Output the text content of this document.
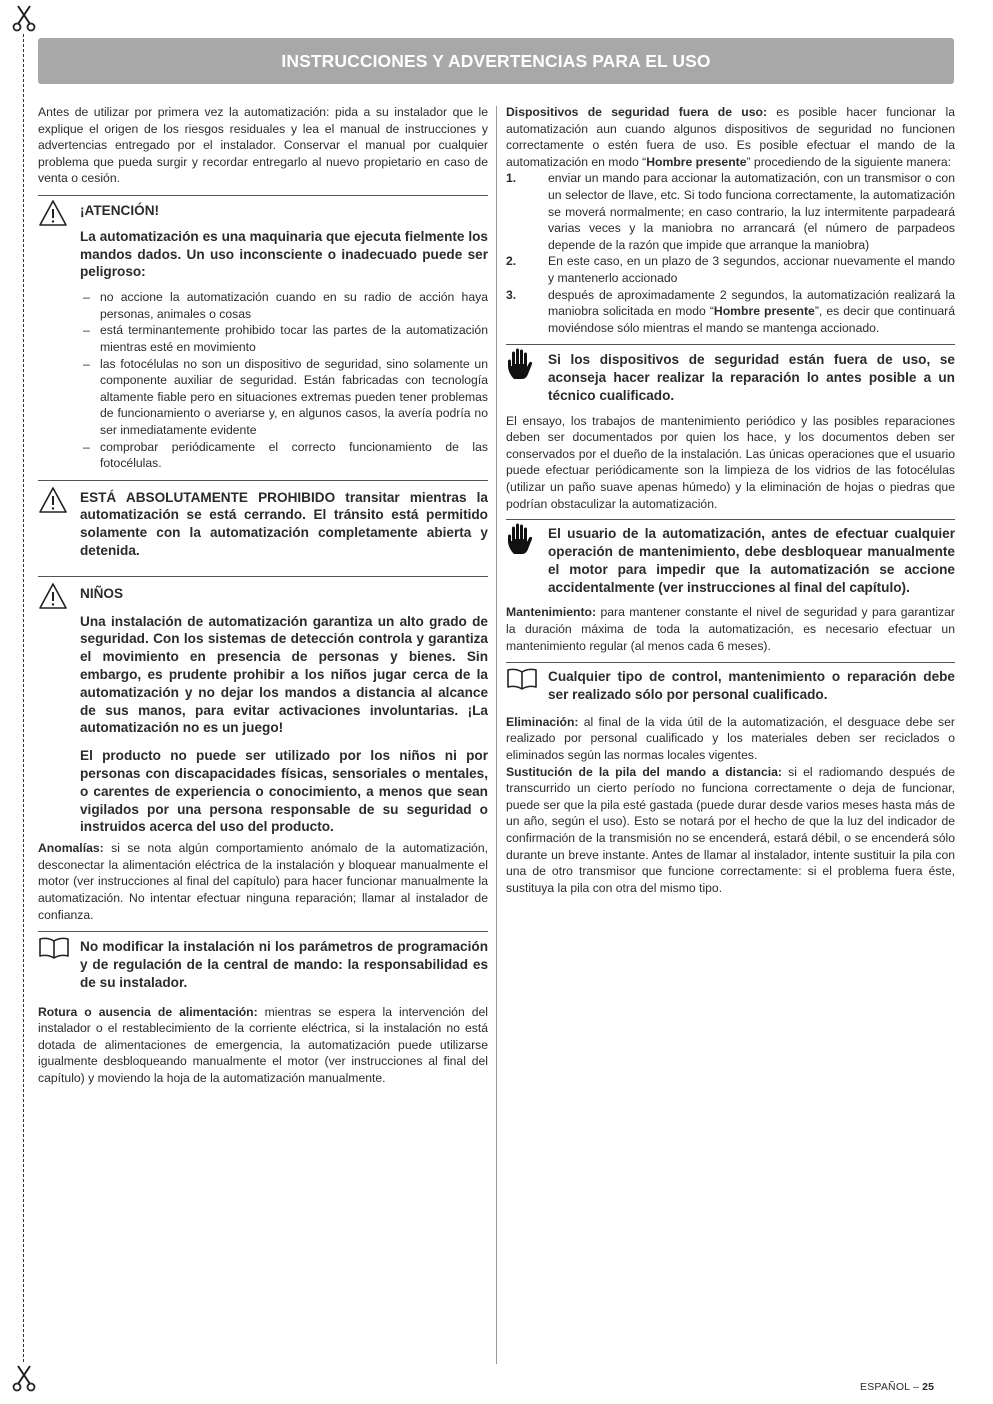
INSTRUCCIONES Y ADVERTENCIAS PARA EL USO

Antes de utilizar por primera vez la automatización: pida a su instalador que le explique el origen de los riesgos residuales y lea el manual de instrucciones y advertencias entregado por el instalador. Conservar el manual por cualquier problema que pueda surgir y recordar entregarlo al nuevo propietario en caso de venta o cesión.

¡ATENCIÓN!
La automatización es una maquinaria que ejecuta fielmente los mandos dados. Un uso inconsciente o inadecuado puede ser peligroso:
– no accione la automatización cuando en su radio de acción haya personas, animales o cosas
– está terminantemente prohibido tocar las partes de la automatización mientras esté en movimiento
– las fotocélulas no son un dispositivo de seguridad, sino solamente un componente auxiliar de seguridad. Están fabricadas con tecnología altamente fiable pero en situaciones extremas pueden tener problemas de funcionamiento o averiarse y, en algunos casos, la avería podría no ser inmediatamente evidente
– comprobar periódicamente el correcto funcionamiento de las fotocélulas.
ESTÁ ABSOLUTAMENTE PROHIBIDO transitar mientras la automatización se está cerrando. El tránsito está permitido solamente con la automatización completamente abierta y detenida.
NIÑOS
Una instalación de automatización garantiza un alto grado de seguridad. Con los sistemas de detección controla y garantiza el movimiento en presencia de personas y bienes. Sin embargo, es prudente prohibir a los niños jugar cerca de la automatización y no dejar los mandos a distancia al alcance de sus manos, para evitar activaciones involuntarias. ¡La automatización no es un juego!
El producto no puede ser utilizado por los niños ni por personas con discapacidades físicas, sensoriales o mentales, o carentes de experiencia o conocimiento, a menos que sean vigilados por una persona responsable de su seguridad o instruidos acerca del uso del producto.

Anomalías: si se nota algún comportamiento anómalo de la automatización, desconectar la alimentación eléctrica de la instalación y bloquear manualmente el motor (ver instrucciones al final del capítulo) para hacer funcionar manualmente la automatización. No intentar efectuar ninguna reparación; llamar al instalador de confianza.

No modificar la instalación ni los parámetros de programación y de regulación de la central de mando: la responsabilidad es de su instalador.

Rotura o ausencia de alimentación: mientras se espera la intervención del instalador o el restablecimiento de la corriente eléctrica, si la instalación no está dotada de alimentaciones de emergencia, la automatización puede utilizarse igualmente desbloqueando manualmente el motor (ver instrucciones al final del capítulo) y moviendo la hoja de la automatización manualmente.

Dispositivos de seguridad fuera de uso: es posible hacer funcionar la automatización aun cuando algunos dispositivos de seguridad no funcionen correctamente o estén fuera de uso. Es posible efectuar el mando de la automatización en modo “Hombre presente” procediendo de la siguiente manera:

1.	enviar un mando para accionar la automatización, con un transmisor o con un selector de llave, etc. Si todo funciona correctamente, la automatización se moverá normalmente; en caso contrario, la luz intermitente parpadeará varias veces y la maniobra no arrancará (el número de parpadeos depende de la razón que impide que arranque la maniobra)
2.	En este caso, en un plazo de 3 segundos, accionar nuevamente el mando y mantenerlo accionado
3.	después de aproximadamente 2 segundos, la automatización realizará la maniobra solicitada en modo “Hombre presente”, es decir que continuará moviéndose sólo mientras el mando se mantenga accionado.
Si los dispositivos de seguridad están fuera de uso, se aconseja hacer realizar la reparación lo antes posible a un técnico cualificado.

El ensayo, los trabajos de mantenimiento periódico y las posibles reparaciones deben ser documentados por quien los hace, y los documentos deben ser conservados por el dueño de la instalación. Las únicas operaciones que el usuario puede efectuar periódicamente son la limpieza de los vidrios de las fotocélulas (utilizar un paño suave apenas húmedo) y la eliminación de hojas o piedras que podrían obstaculizar la automatización.

El usuario de la automatización, antes de efectuar cualquier operación de mantenimiento, debe desbloquear manualmente el motor para impedir que la automatización se accione accidentalmente (ver instrucciones al final del capítulo).

Mantenimiento: para mantener constante el nivel de seguridad y para garantizar la duración máxima de toda la automatización, es necesario efectuar un mantenimiento regular (al menos cada 6 meses).

Cualquier tipo de control, mantenimiento o reparación debe ser realizado sólo por personal cualificado.

Eliminación: al final de la vida útil de la automatización, el desguace debe ser realizado por personal cualificado y los materiales deben ser reciclados o eliminados según las normas locales vigentes.

Sustitución de la pila del mando a distancia: si el radiomando después de transcurrido un cierto período no funciona correctamente o deja de funcionar, puede ser que la pila esté gastada (puede durar desde varios meses hasta más de un año, según el uso). Esto se notará por el hecho de que la luz del indicador de confirmación de la transmisión no se encenderá, estará débil, o se encenderá sólo durante un breve instante. Antes de llamar al instalador, intente sustituir la pila con una de otro transmisor que funcione correctamente: si el problema fuera éste, sustituya la pila con otra del mismo tipo.

ESPAÑOL – 25
